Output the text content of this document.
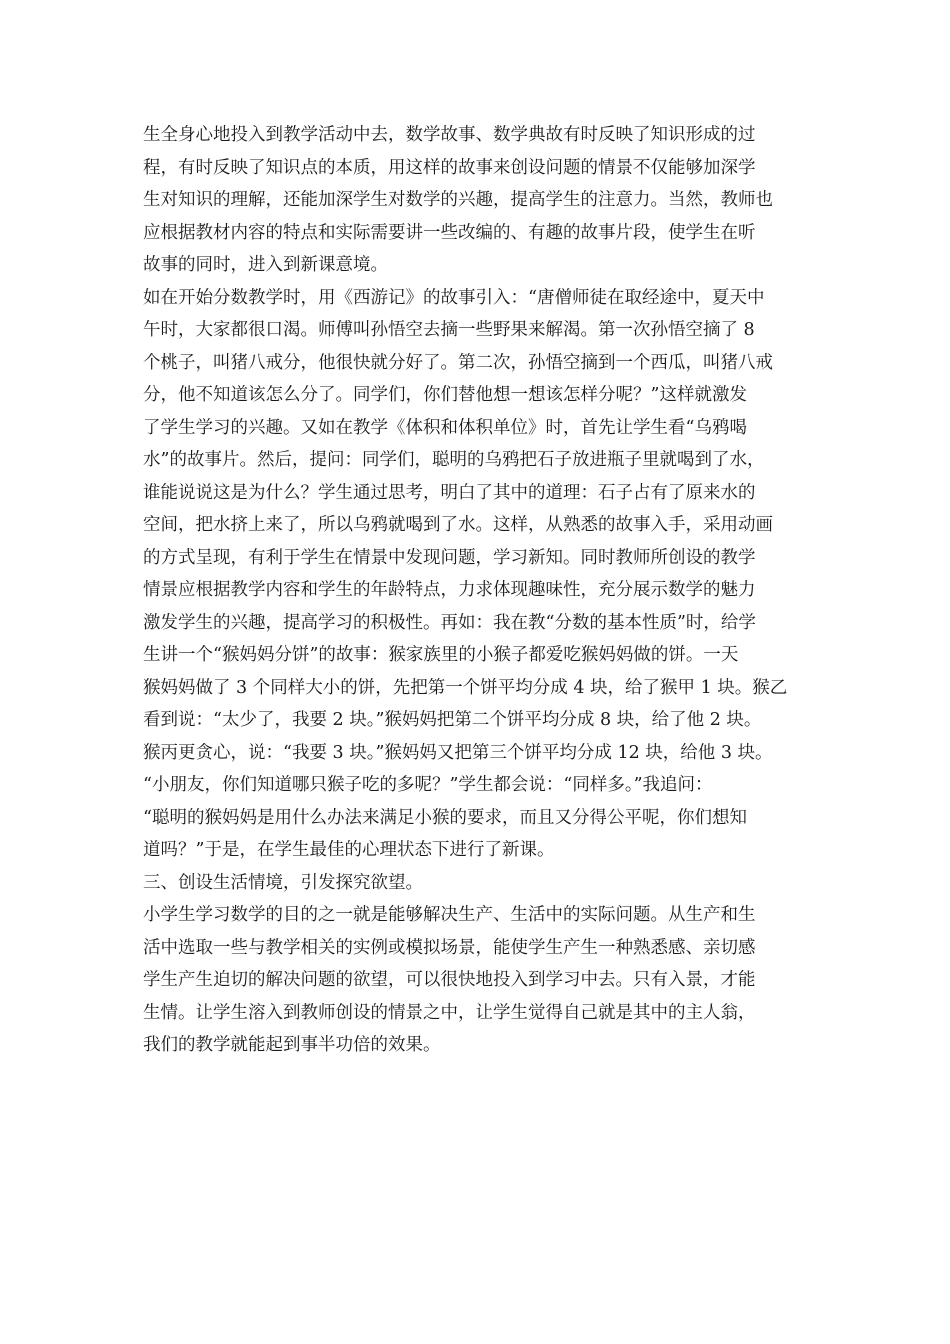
生全身心地投入到教学活动中去，数学故事、数学典故有时反映了知识形成的过
程，有时反映了知识点的本质，用这样的故事来创设问题的情景不仅能够加深学
生对知识的理解，还能加深学生对数学的兴趣，提高学生的注意力。当然，教师也
应根据教材内容的特点和实际需要讲一些改编的、有趣的故事片段，使学生在听
故事的同时，进入到新课意境。
如在开始分数教学时，用《西游记》的故事引入：“唐僧师徒在取经途中，夏天中
午时，大家都很口渴。师傅叫孙悟空去摘一些野果来解渴。第一次孙悟空摘了 8
个桃子，叫猪八戒分，他很快就分好了。第二次，孙悟空摘到一个西瓜，叫猪八戒
分，他不知道该怎么分了。同学们，你们替他想一想该怎样分呢？”这样就激发
了学生学习的兴趣。又如在教学《体积和体积单位》时，首先让学生看“乌鸦喝
水”的故事片。然后，提问：同学们，聪明的乌鸦把石子放进瓶子里就喝到了水，
谁能说说这是为什么？学生通过思考，明白了其中的道理：石子占有了原来水的
空间，把水挤上来了，所以乌鸦就喝到了水。这样，从熟悉的故事入手，采用动画
的方式呈现，有利于学生在情景中发现问题，学习新知。同时教师所创设的教学
情景应根据教学内容和学生的年龄特点，力求体现趣味性，充分展示数学的魅力
激发学生的兴趣，提高学习的积极性。再如：我在教“分数的基本性质”时，给学
生讲一个“猴妈妈分饼”的故事：猴家族里的小猴子都爱吃猴妈妈做的饼。一天
猴妈妈做了 3 个同样大小的饼，先把第一个饼平均分成 4 块，给了猴甲 1 块。猴乙
看到说：“太少了，我要 2 块。”猴妈妈把第二个饼平均分成 8 块，给了他 2 块。
猴丙更贪心，说：“我要 3 块。”猴妈妈又把第三个饼平均分成 12 块，给他 3 块。
“小朋友，你们知道哪只猴子吃的多呢？”学生都会说：“同样多。”我追问：
“聪明的猴妈妈是用什么办法来满足小猴的要求，而且又分得公平呢，你们想知
道吗？”于是，在学生最佳的心理状态下进行了新课。
三、创设生活情境，引发探究欲望。
小学生学习数学的目的之一就是能够解决生产、生活中的实际问题。从生产和生
活中选取一些与教学相关的实例或模拟场景，能使学生产生一种熟悉感、亲切感
学生产生迫切的解决问题的欲望，可以很快地投入到学习中去。只有入景，才能
生情。让学生溶入到教师创设的情景之中，让学生觉得自己就是其中的主人翁，
我们的教学就能起到事半功倍的效果。
